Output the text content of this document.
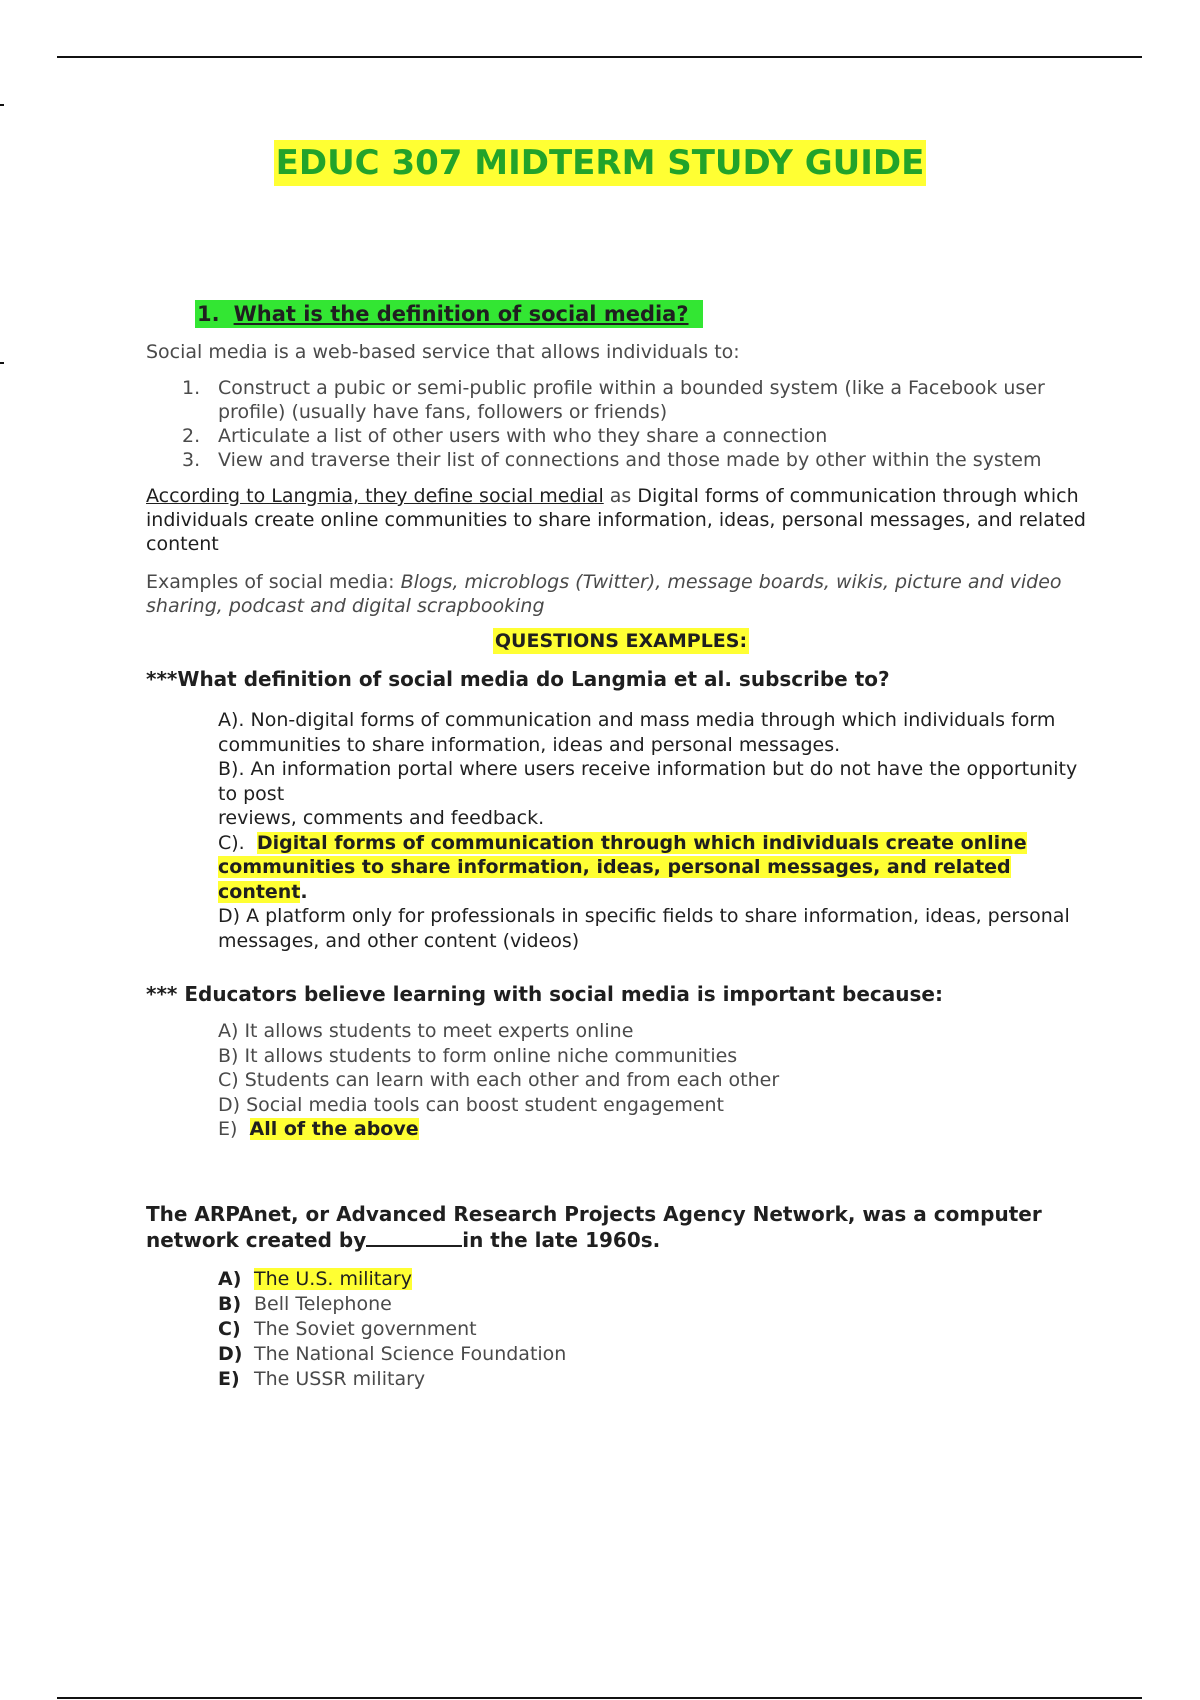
EDUC 307 MIDTERM STUDY GUIDE
1. What is the definition of social media?

Social media is a web-based service that allows individuals to:

1. Construct a pubic or semi-public profile within a bounded system (like a Facebook user profile) (usually have fans, followers or friends)
2. Articulate a list of other users with who they share a connection
3. View and traverse their list of connections and those made by other within the system

According to Langmia, they define social medial as Digital forms of communication through which individuals create online communities to share information, ideas, personal messages, and related content

Examples of social media: Blogs, microblogs (Twitter), message boards, wikis, picture and video sharing, podcast and digital scrapbooking

QUESTIONS EXAMPLES:

***What definition of social media do Langmia et al. subscribe to?

A). Non-digital forms of communication and mass media through which individuals form
communities to share information, ideas and personal messages.
B). An information portal where users receive information but do not have the opportunity to post
reviews, comments and feedback.
C).  Digital forms of communication through which individuals create online communities to share information, ideas, personal messages, and related content.
D) A platform only for professionals in specific fields to share information, ideas, personal
messages, and other content (videos)

*** Educators believe learning with social media is important because:

A) It allows students to meet experts online
B) It allows students to form online niche communities
C) Students can learn with each other and from each other
D) Social media tools can boost student engagement
E)  All of the above

The ARPAnet, or Advanced Research Projects Agency Network, was a computer network created by	in the late 1960s.

A) The U.S. military
B) Bell Telephone
C) The Soviet government
D) The National Science Foundation
E) The USSR military
